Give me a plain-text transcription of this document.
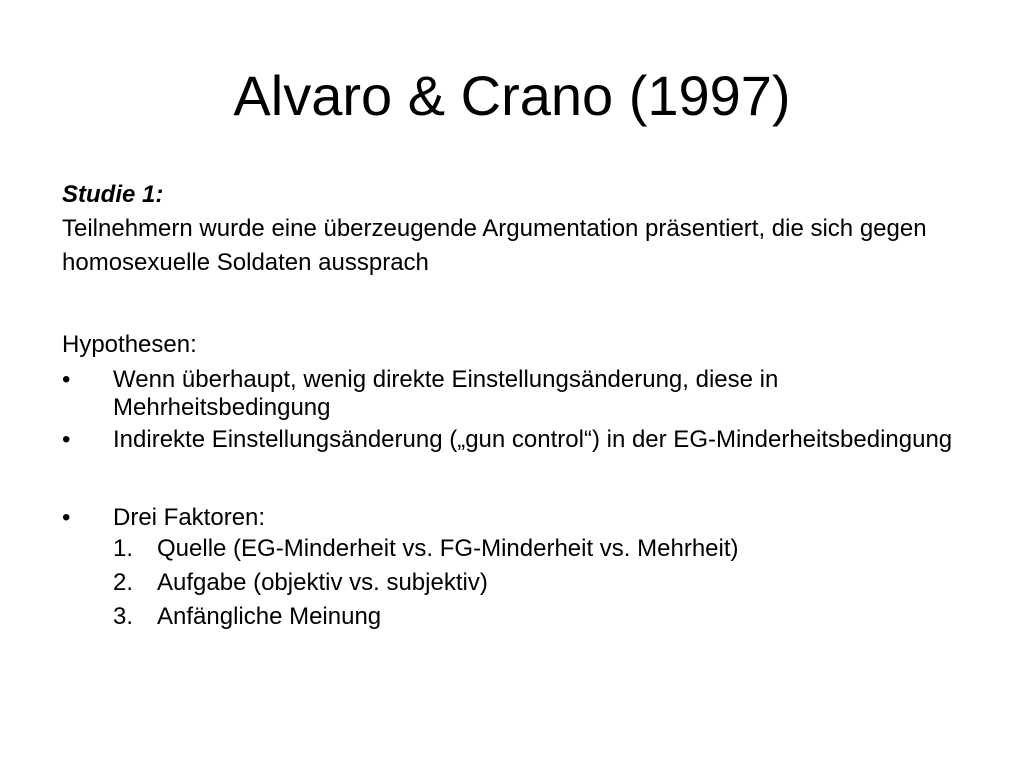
Alvaro & Crano (1997)
Studie 1:
Teilnehmern wurde eine überzeugende Argumentation präsentiert, die sich gegen homosexuelle Soldaten aussprach
Hypothesen:
• Wenn überhaupt, wenig direkte Einstellungsänderung, diese in Mehrheitsbedingung
• Indirekte Einstellungsänderung („gun control“) in der EG-Minderheitsbedingung
• Drei Faktoren:
1. Quelle (EG-Minderheit vs. FG-Minderheit vs. Mehrheit)
2. Aufgabe (objektiv vs. subjektiv)
3. Anfängliche Meinung
